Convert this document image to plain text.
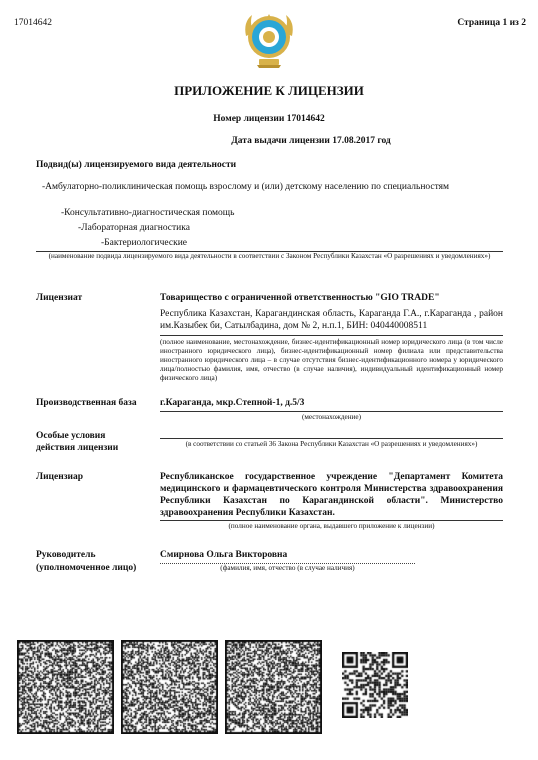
17014642	Страница 1 из 2
ПРИЛОЖЕНИЕ К ЛИЦЕНЗИИ
Номер лицензии 17014642
Дата выдачи лицензии 17.08.2017 год
Подвид(ы) лицензируемого вида деятельности
-Амбулаторно-поликлиническая помощь взрослому и (или) детскому населению по специальностям
-Консультативно-диагностическая помощь
-Лабораторная диагностика
-Бактериологические
(наименование подвида лицензируемого вида деятельности в соответствии с Законом Республики Казахстан «О разрешениях и уведомлениях»)
Лицензиат	Товарищество с ограниченной ответственностью "GIO TRADE"
Республика Казахстан, Карагандинская область, Караганда Г.А., г.Караганда , район им.Казыбек би, Сатылбадина, дом № 2, н.п.1, БИН: 040440008511
(полное наименование, местонахождение, бизнес-идентификационный номер юридического лица (в том числе иностранного юридического лица), бизнес-идентификационный номер филиала или представительства иностранного юридического лица – в случае отсутствия бизнес-идентификационного номера у юридического лица/полностью фамилия, имя, отчество (в случае наличия), индивидуальный идентификационный номер физического лица)
Производственная база г.Караганда, мкр.Степной-1, д.5/3
(местонахождение)
Особые условия
действия лицензии	(в соответствии со статьей 36 Закона Республики Казахстан «О разрешениях и уведомлениях»)
Лицензиар	Республиканское государственное учреждение "Департамент Комитета медицинского и фармацевтического контроля Министерства здравоохранения Республики Казахстан по Карагандинской области". Министерство здравоохранения Республики Казахстан.
(полное наименование органа, выдавшего приложение к лицензии)
Руководитель
(уполномоченное лицо)
Смирнова Ольга Викторовна
(фамилия, имя, отчество (в случае наличия)
